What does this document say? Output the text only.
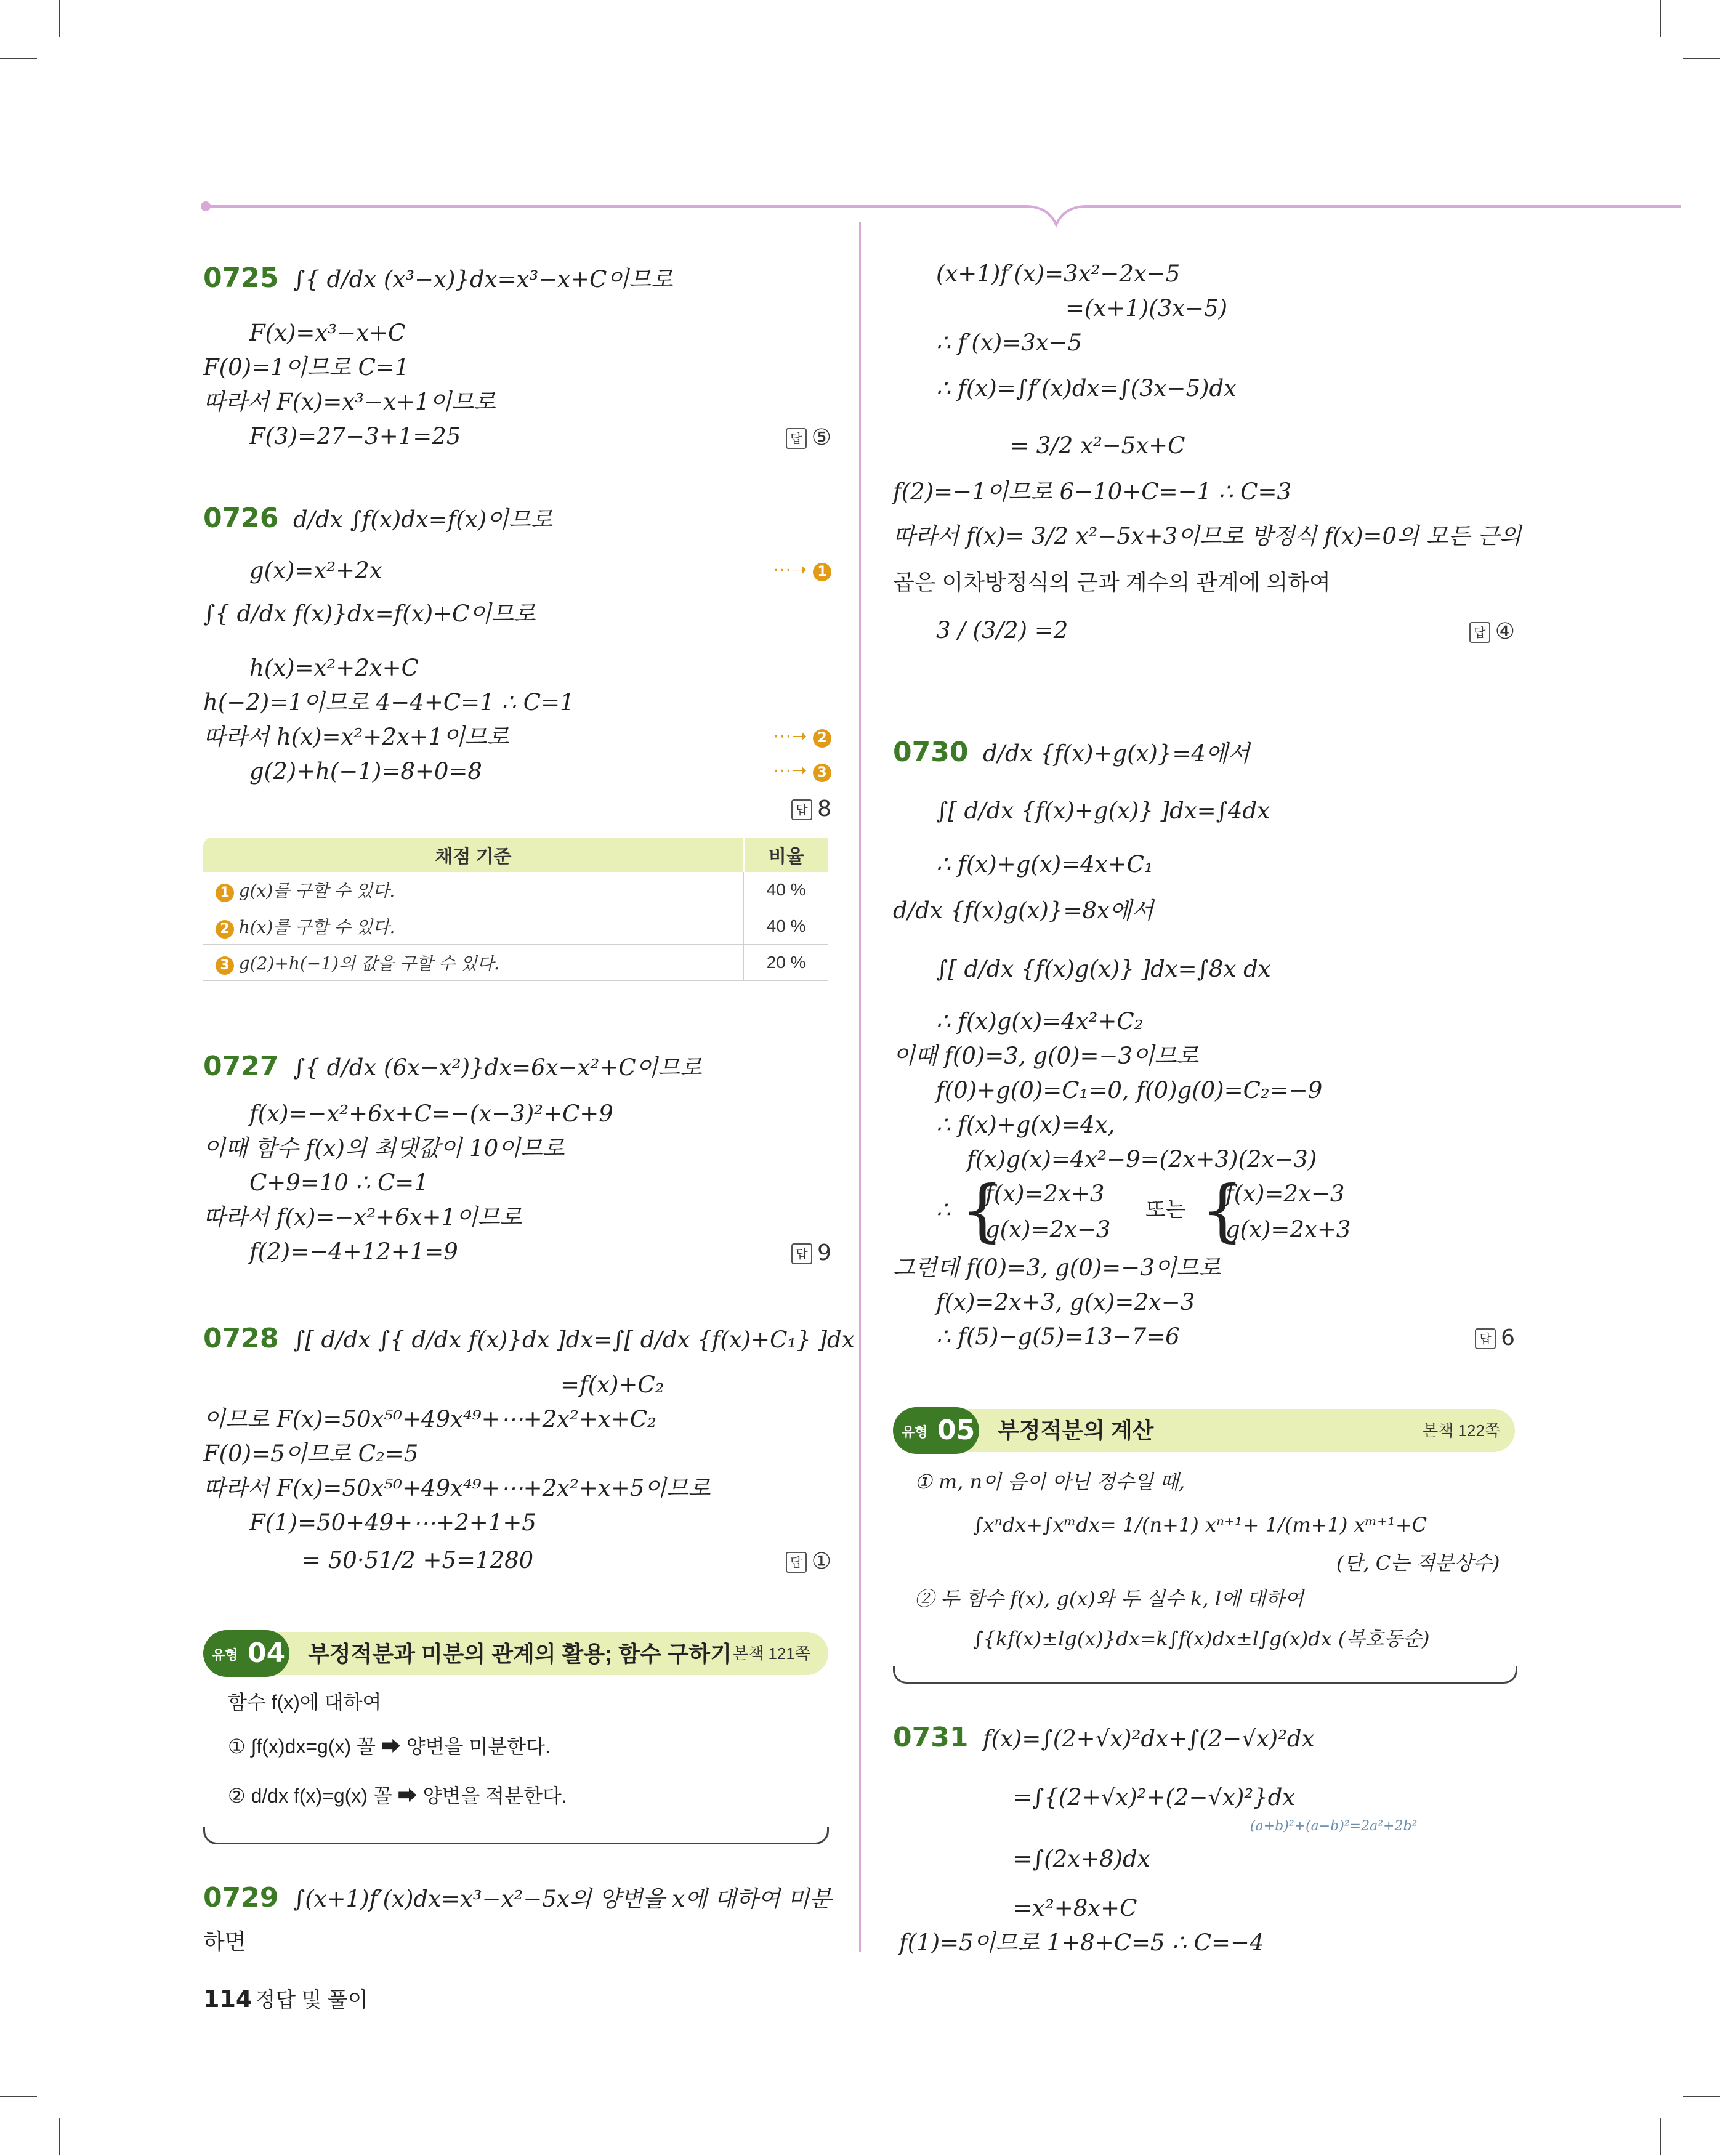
0725 ∫{ d/dx (x³−x)}dx=x³−x+C이므로
F(x)=x³−x+C
F(0)=1이므로 C=1
따라서 F(x)=x³−x+1이므로
F(3)=27−3+1=25	답 ⑤
0726 d/dx ∫f(x)dx=f(x)이므로
g(x)=x²+2x	⋯➝ 1
∫{ d/dx f(x)}dx=f(x)+C이므로
h(x)=x²+2x+C
h(−2)=1이므로 4−4+C=1 ∴ C=1
따라서 h(x)=x²+2x+1이므로	⋯➝ 2
g(2)+h(−1)=8+0=8	⋯➝ 3
답 8
채점 기준	비율
1 g(x)를 구할 수 있다.	40 %
2 h(x)를 구할 수 있다.	40 %
3 g(2)+h(−1)의 값을 구할 수 있다.	20 %
0727 ∫{ d/dx (6x−x²)}dx=6x−x²+C이므로
f(x)=−x²+6x+C=−(x−3)²+C+9
이때 함수 f(x)의 최댓값이 10이므로
C+9=10 ∴ C=1
따라서 f(x)=−x²+6x+1이므로
f(2)=−4+12+1=9	답 9
0728 ∫[ d/dx ∫{ d/dx f(x)}dx ]dx=∫[ d/dx {f(x)+C₁} ]dx
=f(x)+C₂
이므로 F(x)=50x⁵⁰+49x⁴⁹+⋯+2x²+x+C₂
F(0)=5이므로 C₂=5
따라서 F(x)=50x⁵⁰+49x⁴⁹+⋯+2x²+x+5이므로
F(1)=50+49+⋯+2+1+5
= 50·51/2 +5=1280	답 ①
유형 04 부정적분과 미분의 관계의 활용; 함수 구하기 본책 121쪽
함수 f(x)에 대하여
① ∫f(x)dx=g(x) 꼴 ➡ 양변을 미분한다.
② d/dx f(x)=g(x) 꼴 ➡ 양변을 적분한다.
0729 ∫(x+1)f′(x)dx=x³−x²−5x의 양변을 x에 대하여 미분
하면
114 정답 및 풀이
(x+1)f′(x)=3x²−2x−5
=(x+1)(3x−5)
∴ f′(x)=3x−5
∴ f(x)=∫f′(x)dx=∫(3x−5)dx
= 3/2 x²−5x+C
f(2)=−1이므로 6−10+C=−1 ∴ C=3
따라서 f(x)= 3/2 x²−5x+3이므로 방정식 f(x)=0의 모든 근의
곱은 이차방정식의 근과 계수의 관계에 의하여
3 / (3/2) =2	답 ④
0730 d/dx {f(x)+g(x)}=4에서
∫[ d/dx {f(x)+g(x)} ]dx=∫4dx
∴ f(x)+g(x)=4x+C₁
d/dx {f(x)g(x)}=8x에서
∫[ d/dx {f(x)g(x)} ]dx=∫8x dx
∴ f(x)g(x)=4x²+C₂
이때 f(0)=3, g(0)=−3이므로
f(0)+g(0)=C₁=0, f(0)g(0)=C₂=−9
∴ f(x)+g(x)=4x,
f(x)g(x)=4x²−9=(2x+3)(2x−3)
∴ {
f(x)=2x+3
g(x)=2x−3
또는 {
f(x)=2x−3
g(x)=2x+3
그런데 f(0)=3, g(0)=−3이므로
f(x)=2x+3, g(x)=2x−3
∴ f(5)−g(5)=13−7=6	답 6
유형 05 부정적분의 계산	본책 122쪽
① m, n이 음이 아닌 정수일 때,
∫xⁿdx+∫xᵐdx= 1/(n+1) xⁿ⁺¹+ 1/(m+1) xᵐ⁺¹+C
(단, C는 적분상수)
② 두 함수 f(x), g(x)와 두 실수 k, l에 대하여
∫{kf(x)±lg(x)}dx=k∫f(x)dx±l∫g(x)dx (복호동순)
0731 f(x)=∫(2+√x)²dx+∫(2−√x)²dx
=∫{(2+√x)²+(2−√x)²}dx
(a+b)²+(a−b)²=2a²+2b²
=∫(2x+8)dx
=x²+8x+C
f(1)=5이므로 1+8+C=5 ∴ C=−4
